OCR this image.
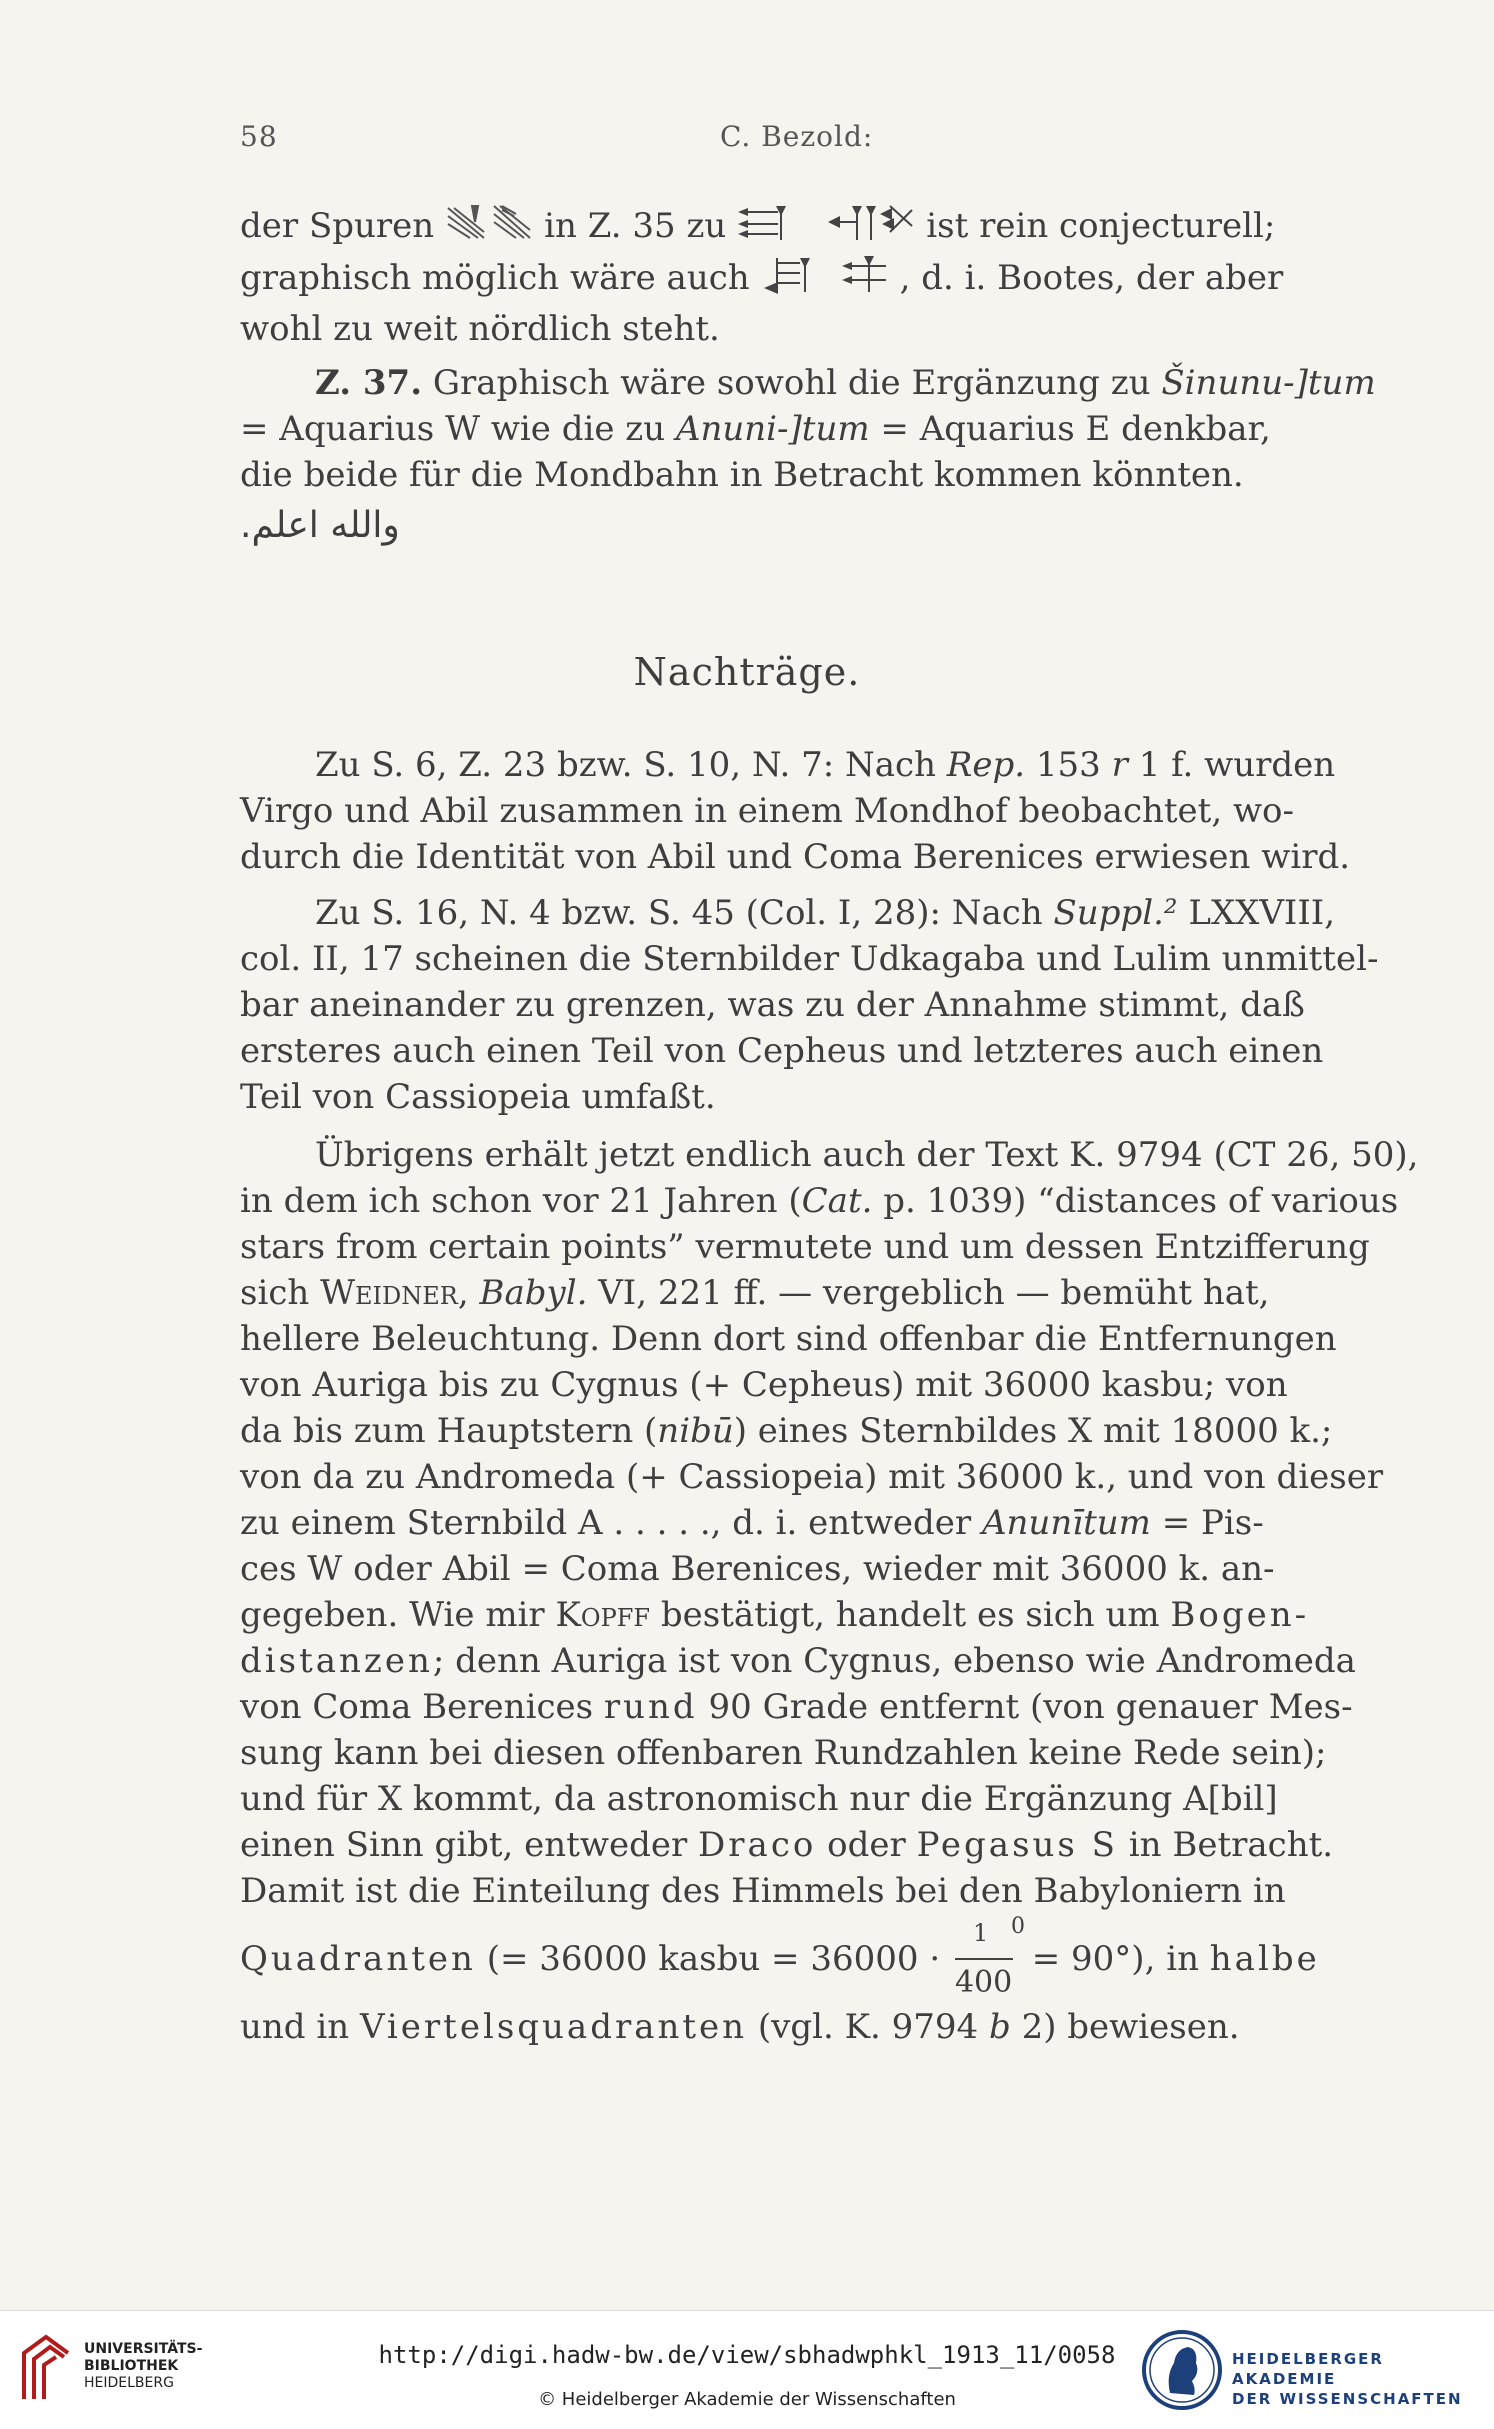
58	C. Bezold:
der Spuren	in Z. 35 zu	ist rein conjecturell;
graphisch möglich wäre auch	, d. i. Bootes, der aber
wohl zu weit nördlich steht.
Z. 37. Graphisch wäre sowohl die Ergänzung zu Šinunu-]tum
= Aquarius W wie die zu Anuni-]tum = Aquarius E denkbar,
die beide für die Mondbahn in Betracht kommen könnten.
والله اعلم.
Nachträge.
Zu S. 6, Z. 23 bzw. S. 10, N. 7: Nach Rep. 153 r 1 f. wurden
Virgo und Abil zusammen in einem Mondhof beobachtet, wo-
durch die Identität von Abil und Coma Berenices erwiesen wird.
Zu S. 16, N. 4 bzw. S. 45 (Col. I, 28): Nach Suppl.² LXXVIII,
col. II, 17 scheinen die Sternbilder Udkagaba und Lulim unmittel-
bar aneinander zu grenzen, was zu der Annahme stimmt, daß
ersteres auch einen Teil von Cepheus und letzteres auch einen
Teil von Cassiopeia umfaßt.
Übrigens erhält jetzt endlich auch der Text K. 9794 (CT 26, 50),
in dem ich schon vor 21 Jahren (Cat. p. 1039) “distances of various
stars from certain points” vermutete und um dessen Entzifferung
sich Weidner, Babyl. VI, 221 ff. — vergeblich — bemüht hat,
hellere Beleuchtung. Denn dort sind offenbar die Entfernungen
von Auriga bis zu Cygnus (+ Cepheus) mit 36000 kasbu; von
da bis zum Hauptstern (nibū) eines Sternbildes X mit 18000 k.;
von da zu Andromeda (+ Cassiopeia) mit 36000 k., und von dieser
zu einem Sternbild A . . . . ., d. i. entweder Anunītum = Pis-
ces W oder Abil = Coma Berenices, wieder mit 36000 k. an-
gegeben. Wie mir Kopff bestätigt, handelt es sich um Bogen-
distanzen; denn Auriga ist von Cygnus, ebenso wie Andromeda
von Coma Berenices rund 90 Grade entfernt (von genauer Mes-
sung kann bei diesen offenbaren Rundzahlen keine Rede sein);
und für X kommt, da astronomisch nur die Ergänzung A[bil]
einen Sinn gibt, entweder Draco oder Pegasus S in Betracht.
Damit ist die Einteilung des Himmels bei den Babyloniern in
Quadranten (= 36000 kasbu = 36000 ·
1
400
0
= 90°), in halbe
und in Viertelsquadranten (vgl. K. 9794 b 2) bewiesen.
UNIVERSITÄTS-
BIBLIOTHEK
HEIDELBERG
http://digi.hadw-bw.de/view/sbhadwphkl_1913_11/0058
© Heidelberger Akademie der Wissenschaften
HEIDELBERGER AKADEMIE
DER WISSENSCHAFTEN
